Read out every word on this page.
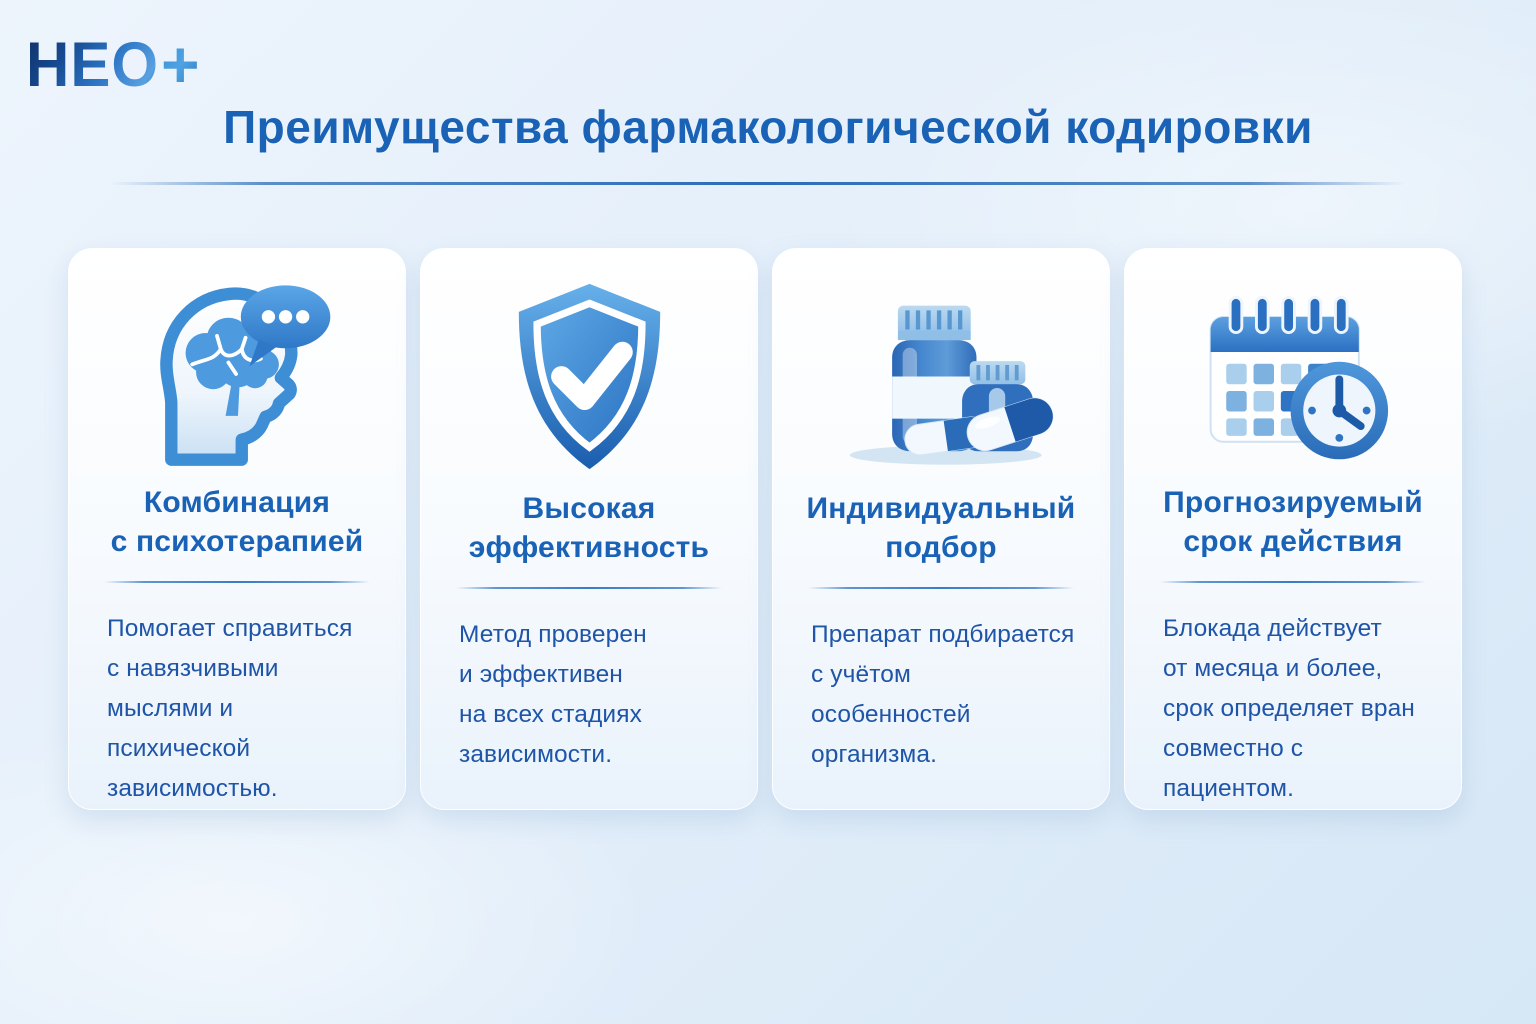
НЕО +
Преимущества фармакологической кодировки
Комбинация
с психотерапией
Помогает справиться
с навязчивыми
мыслями и психической
зависимостью.
Высокая
эффективность
Метод проверен
и эффективен
на всех стадиях
зависимости.
Индивидуальный
подбор
Препарат подбирается
с учётом
особенностей организма.
Прогнозируемый
срок действия
Блокада действует
от месяца и более,
срок определяет вран
совместно с пациентом.
